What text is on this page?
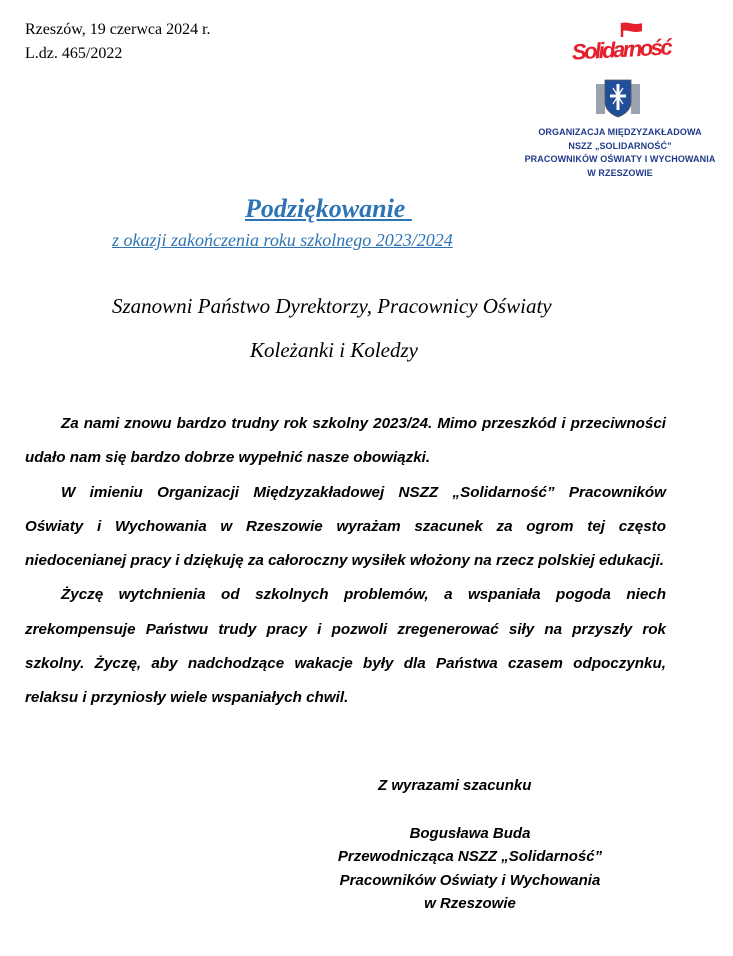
Rzeszów, 19 czerwca 2024 r.
L.dz. 465/2022	Solidarność
ORGANIZACJA MIĘDZYZAKŁADOWA
NSZZ „SOLIDARNOŚĆ”
PRACOWNIKÓW OŚWIATY I WYCHOWANIA
W RZESZOWIE
Podziękowanie
z okazji zakończenia roku szkolnego 2023/2024
Szanowni Państwo Dyrektorzy, Pracownicy Oświaty
Koleżanki i Koledzy

Za nami znowu bardzo trudny rok szkolny 2023/24. Mimo przeszkód i przeciwności udało nam się bardzo dobrze wypełnić nasze obowiązki.

W imieniu Organizacji Międzyzakładowej NSZZ „Solidarność” Pracowników Oświaty i Wychowania w Rzeszowie wyrażam szacunek za ogrom tej często niedocenianej pracy i dziękuję za całoroczny wysiłek włożony na rzecz polskiej edukacji.

Życzę wytchnienia od szkolnych problemów, a wspaniała pogoda niech zrekompensuje Państwu trudy pracy i pozwoli zregenerować siły na przyszły rok szkolny. Życzę, aby nadchodzące wakacje były dla Państwa czasem odpoczynku, relaksu i przyniosły wiele wspaniałych chwil.

Z wyrazami szacunku
Bogusława Buda
Przewodnicząca NSZZ „Solidarność”
Pracowników Oświaty i Wychowania
w Rzeszowie
